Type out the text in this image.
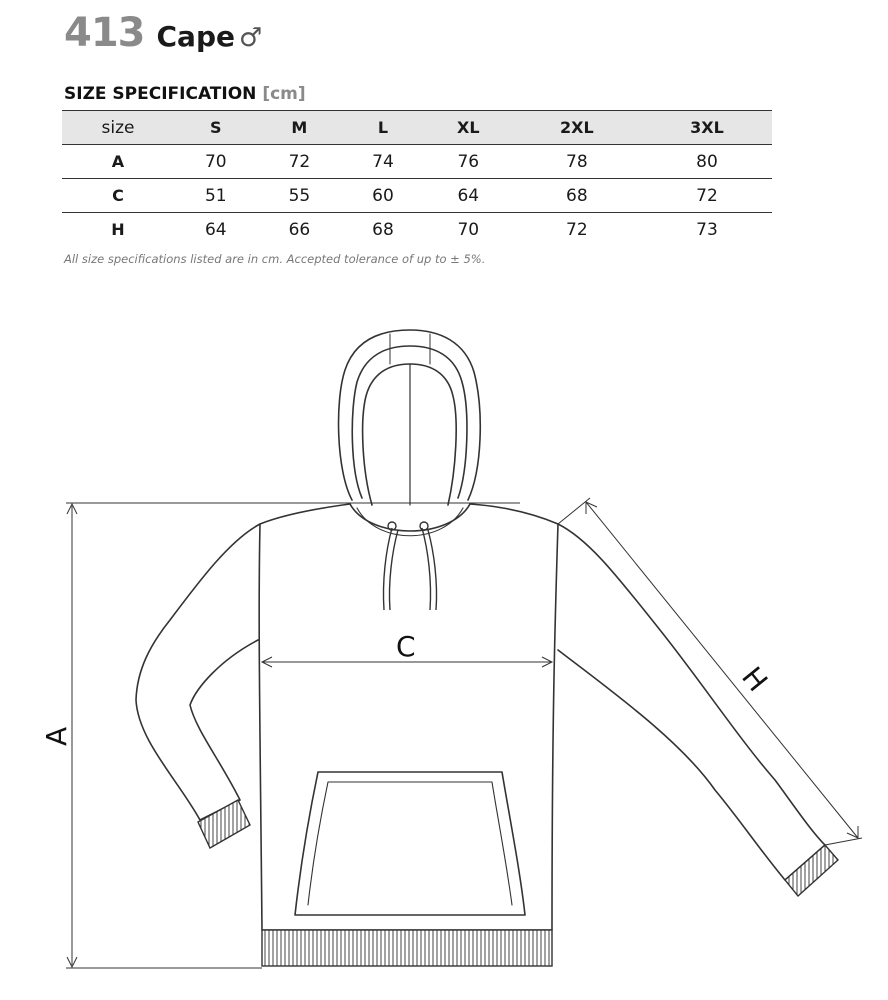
413 Cape ♂
SIZE SPECIFICATION [cm]
size	S	M	L	XL	2XL	3XL
A	70	72	74	76	78	80
C	51	55	60	64	68	72
H	64	66	68	70	72	73
All size specifications listed are in cm. Accepted tolerance of up to ± 5%.
A
C
H
